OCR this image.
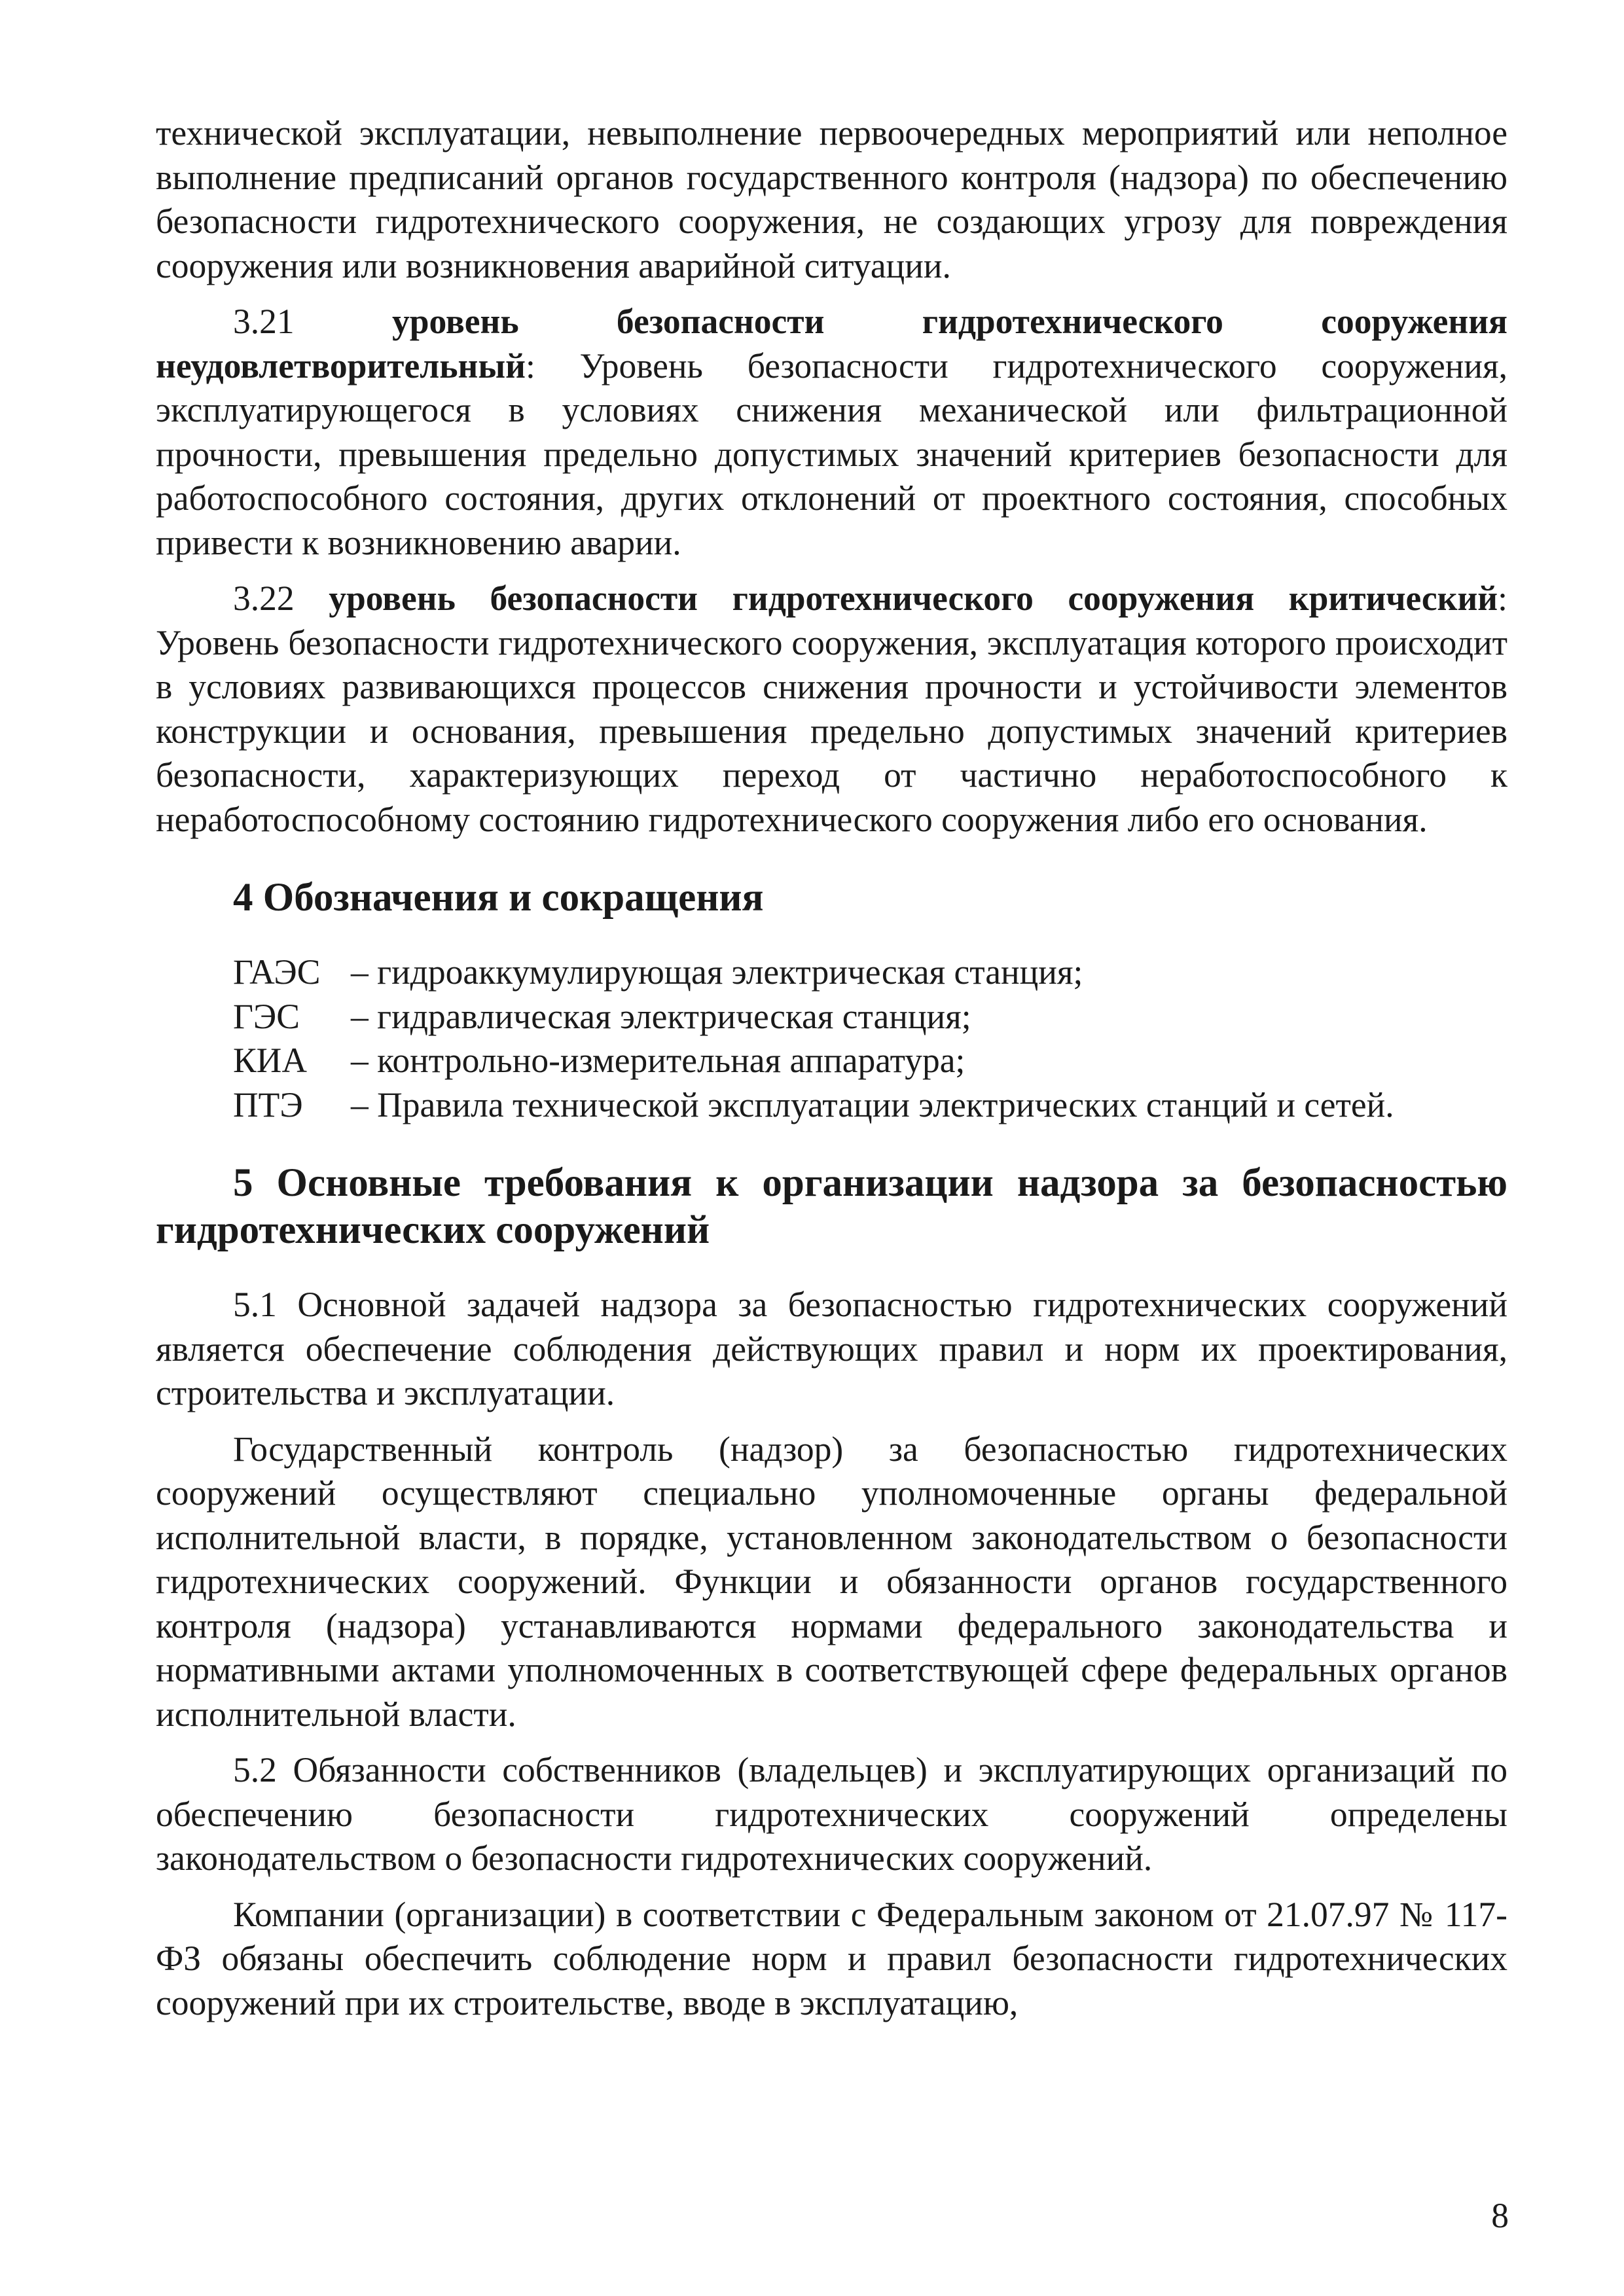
технической эксплуатации, невыполнение первоочередных мероприятий или неполное выполнение предписаний органов государственного контроля (надзора) по обеспечению безопасности гидротехнического сооружения, не создающих угрозу для повреждения сооружения или возникновения аварийной ситуации.

3.21	уровень безопасности гидротехнического сооружения неудовлетворительный: Уровень безопасности гидротехнического сооружения, эксплуатирующегося в условиях снижения механической или фильтрационной прочности, превышения предельно допустимых значений критериев безопасности для работоспособного состояния, других отклонений от проектного состояния, способных привести к возникновению аварии.

3.22 уровень безопасности гидротехнического сооружения критический: Уровень безопасности гидротехнического сооружения, эксплуатация которого происходит в условиях развивающихся процессов снижения прочности и устойчивости элементов конструкции и основания, превышения предельно допустимых значений критериев безопасности, характеризующих переход от частично неработоспособного к неработоспособному состоянию гидротехнического сооружения либо его основания.

4 Обозначения и сокращения
ГАЭС – гидроаккумулирующая электрическая станция;
ГЭС	– гидравлическая электрическая станция;
КИА	– контрольно-измерительная аппаратура;
ПТЭ	– Правила технической эксплуатации электрических станций и сетей.
5 Основные требования к организации надзора за безопасностью гидротехнических сооружений

5.1 Основной задачей надзора за безопасностью гидротехнических сооружений является обеспечение соблюдения действующих правил и норм их проектирования, строительства и эксплуатации.

Государственный контроль (надзор) за безопасностью гидротехнических сооружений осуществляют специально уполномоченные органы федеральной исполнительной власти, в порядке, установленном законодательством о безопасности гидротехнических сооружений. Функции и обязанности органов государственного контроля (надзора) устанавливаются нормами федерального законодательства и нормативными актами уполномоченных в соответствующей сфере федеральных органов исполнительной власти.

5.2 Обязанности собственников (владельцев) и эксплуатирующих организаций по обеспечению безопасности гидротехнических сооружений определены законодательством о безопасности гидротехнических сооружений.

Компании (организации) в соответствии с Федеральным законом от 21.07.97 № 117-ФЗ обязаны обеспечить соблюдение норм и правил безопасности гидротехнических сооружений при их строительстве, вводе в эксплуатацию,

8
